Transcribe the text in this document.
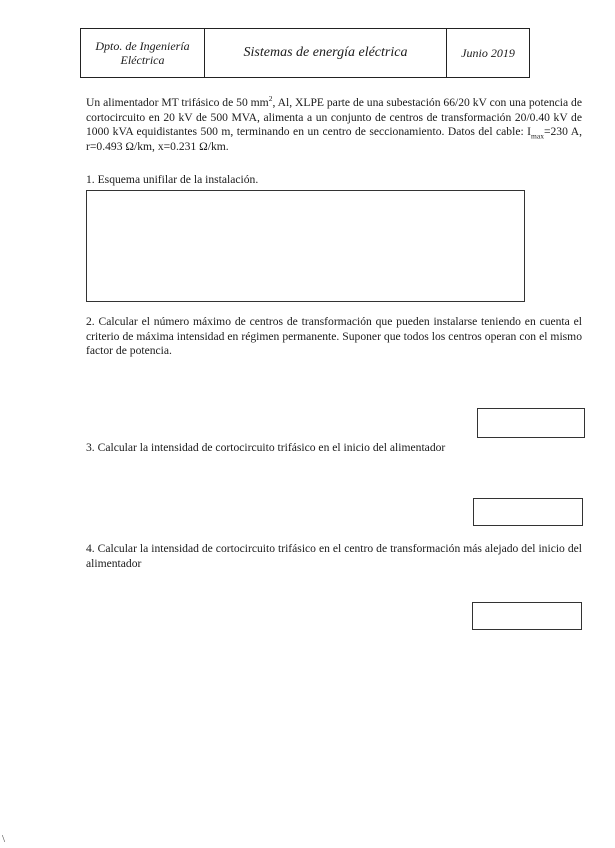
Dpto. de Ingeniería
Eléctrica	Sistemas de energía eléctrica	Junio 2019
Un alimentador MT trifásico de 50 $mm^2$, Al, XLPE parte de una subestación 66/20 kV con una potencia de cortocircuito en 20 kV de 500 MVA, alimenta a un conjunto de centros de transformación 20/0.40 kV de 1000 kVA equidistantes 500 m, terminando en un centro de seccionamiento. Datos del cable: $I_{max}=230$ A, r=0.493 Ω/km, x=0.231 Ω/km.
1. Esquema unifilar de la instalación.
2. Calcular el número máximo de centros de transformación que pueden instalarse teniendo en cuenta el criterio de máxima intensidad en régimen permanente. Suponer que todos los centros operan con el mismo factor de potencia.
3. Calcular la intensidad de cortocircuito trifásico en el inicio del alimentador
4. Calcular la intensidad de cortocircuito trifásico en el centro de transformación más alejado del inicio del alimentador
\
